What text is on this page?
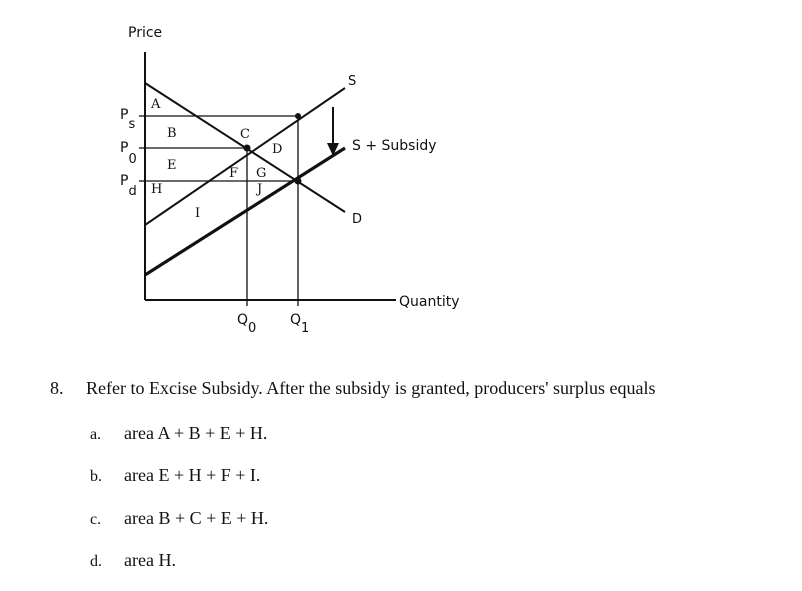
Price
Quantity
Ps
P0
Pd
Q0
Q1
S
S + Subsidy
D
A
B	C
D
E
F G
H
I
J
8. Refer to Excise Subsidy. After the subsidy is granted, producers' surplus equals
a. area A + B + E + H.
b. area E + H + F + I.
c. area B + C + E + H.
d. area H.
